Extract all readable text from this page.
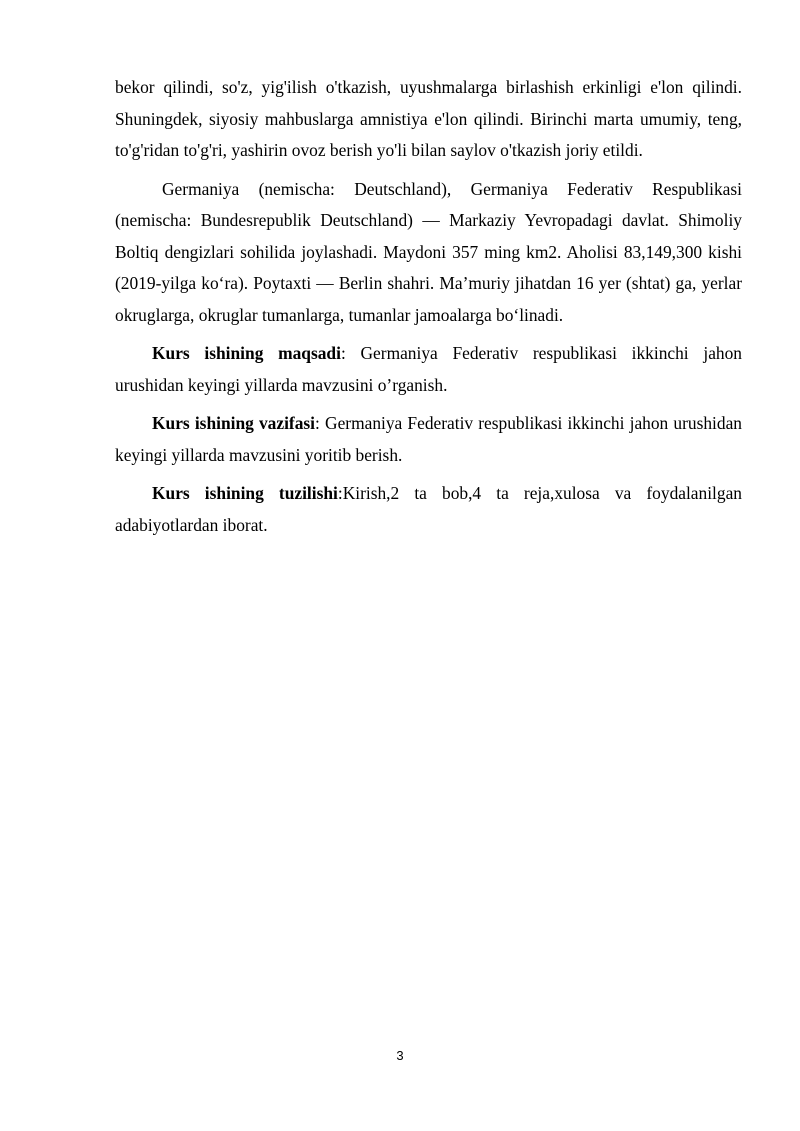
bekor qilindi, so'z, yig'ilish o'tkazish, uyushmalarga birlashish erkinligi e'lon qilindi. Shuningdek, siyosiy mahbuslarga amnistiya e'lon qilindi. Birinchi marta umumiy, teng, to'g'ridan to'g'ri, yashirin ovoz berish yo'li bilan saylov o'tkazish joriy etildi.

Germaniya (nemischa: Deutschland), Germaniya Federativ Respublikasi (nemischa: Bundesrepublik Deutschland) — Markaziy Yevropadagi davlat. Shimoliy Boltiq dengizlari sohilida joylashadi. Maydoni 357 ming km2. Aholisi 83,149,300 kishi (2019-yilga koʻra). Poytaxti — Berlin shahri. Maʼmuriy jihatdan 16 yer (shtat) ga, yerlar okruglarga, okruglar tumanlarga, tumanlar jamoalarga boʻlinadi.

Kurs ishining maqsadi: Germaniya Federativ respublikasi ikkinchi jahon urushidan keyingi yillarda mavzusini o’rganish.

Kurs ishining vazifasi: Germaniya Federativ respublikasi ikkinchi jahon urushidan keyingi yillarda mavzusini yoritib berish.

Kurs ishining tuzilishi:Kirish,2 ta bob,4 ta reja,xulosa va foydalanilgan adabiyotlardan iborat.

3
